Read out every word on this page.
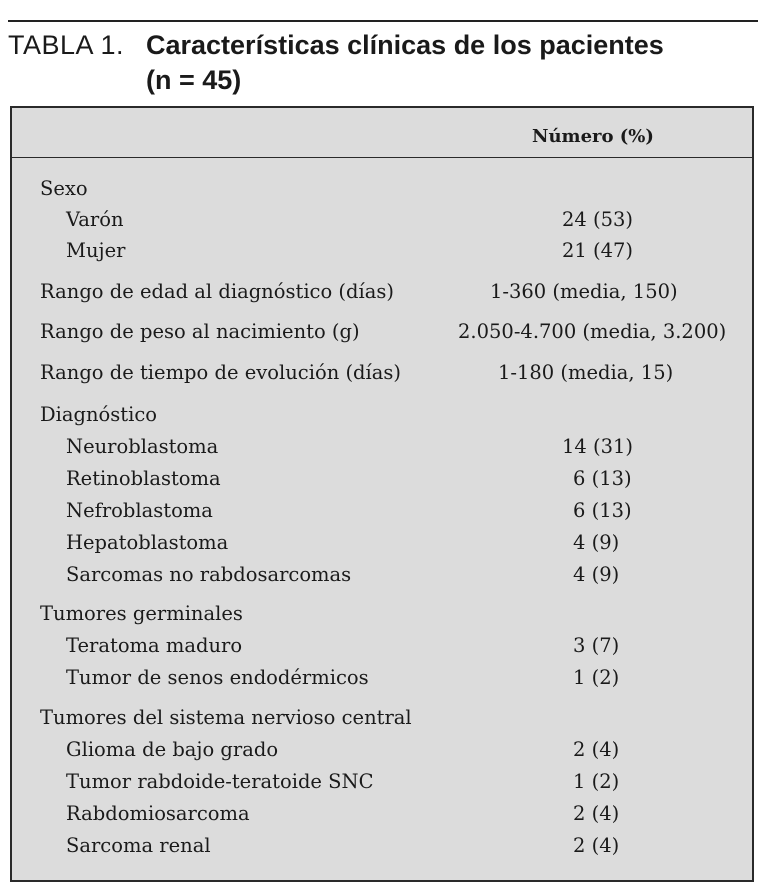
TABLA 1. Características clínicas de los pacientes
(n = 45)
Número (%)
Sexo
Varón	24 (53)
Mujer	21 (47)
Rango de edad al diagnóstico (días)	1-360 (media, 150)
Rango de peso al nacimiento (g)	2.050-4.700 (media, 3.200)
Rango de tiempo de evolución (días)	1-180 (media, 15)
Diagnóstico
Neuroblastoma	14 (31)
Retinoblastoma	6 (13)
Nefroblastoma	6 (13)
Hepatoblastoma	4 (9)
Sarcomas no rabdosarcomas	4 (9)
Tumores germinales
Teratoma maduro	3 (7)
Tumor de senos endodérmicos	1 (2)
Tumores del sistema nervioso central
Glioma de bajo grado	2 (4)
Tumor rabdoide-teratoide SNC	1 (2)
Rabdomiosarcoma	2 (4)
Sarcoma renal	2 (4)
